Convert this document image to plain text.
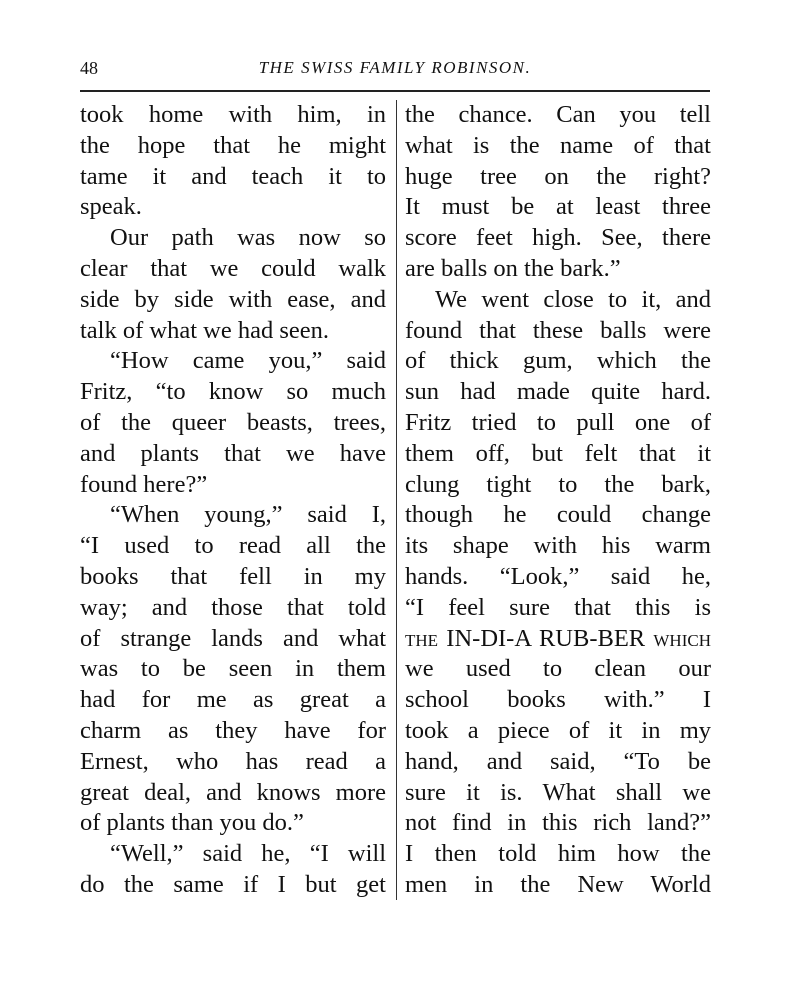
48	THE SWISS FAMILY ROBINSON.
took home with him, in
the hope that he might
tame it and teach it to
speak.
Our path was now so
clear that we could walk
side by side with ease, and
talk of what we had seen.
“How came you,” said
Fritz, “to know so much
of the queer beasts, trees,
and plants that we have
found here?”
“When young,” said I,
“I used to read all the
books that fell in my
way; and those that told
of strange lands and what
was to be seen in them
had for me as great a
charm as they have for
Ernest, who has read a
great deal, and knows more
of plants than you do.”
“Well,” said he, “I will
do the same if I but get
the chance. Can you tell
what is the name of that
huge tree on the right?
It must be at least three
score feet high. See, there
are balls on the bark.”
We went close to it, and
found that these balls were
of thick gum, which the
sun had made quite hard.
Fritz tried to pull one of
them off, but felt that it
clung tight to the bark,
though he could change
its shape with his warm
hands. “Look,” said he,
“I feel sure that this is
the IN-DI-A RUB-BER which
we used to clean our
school books with.” I
took a piece of it in my
hand, and said, “To be
sure it is. What shall we
not find in this rich land?”
I then told him how the
men in the New World
